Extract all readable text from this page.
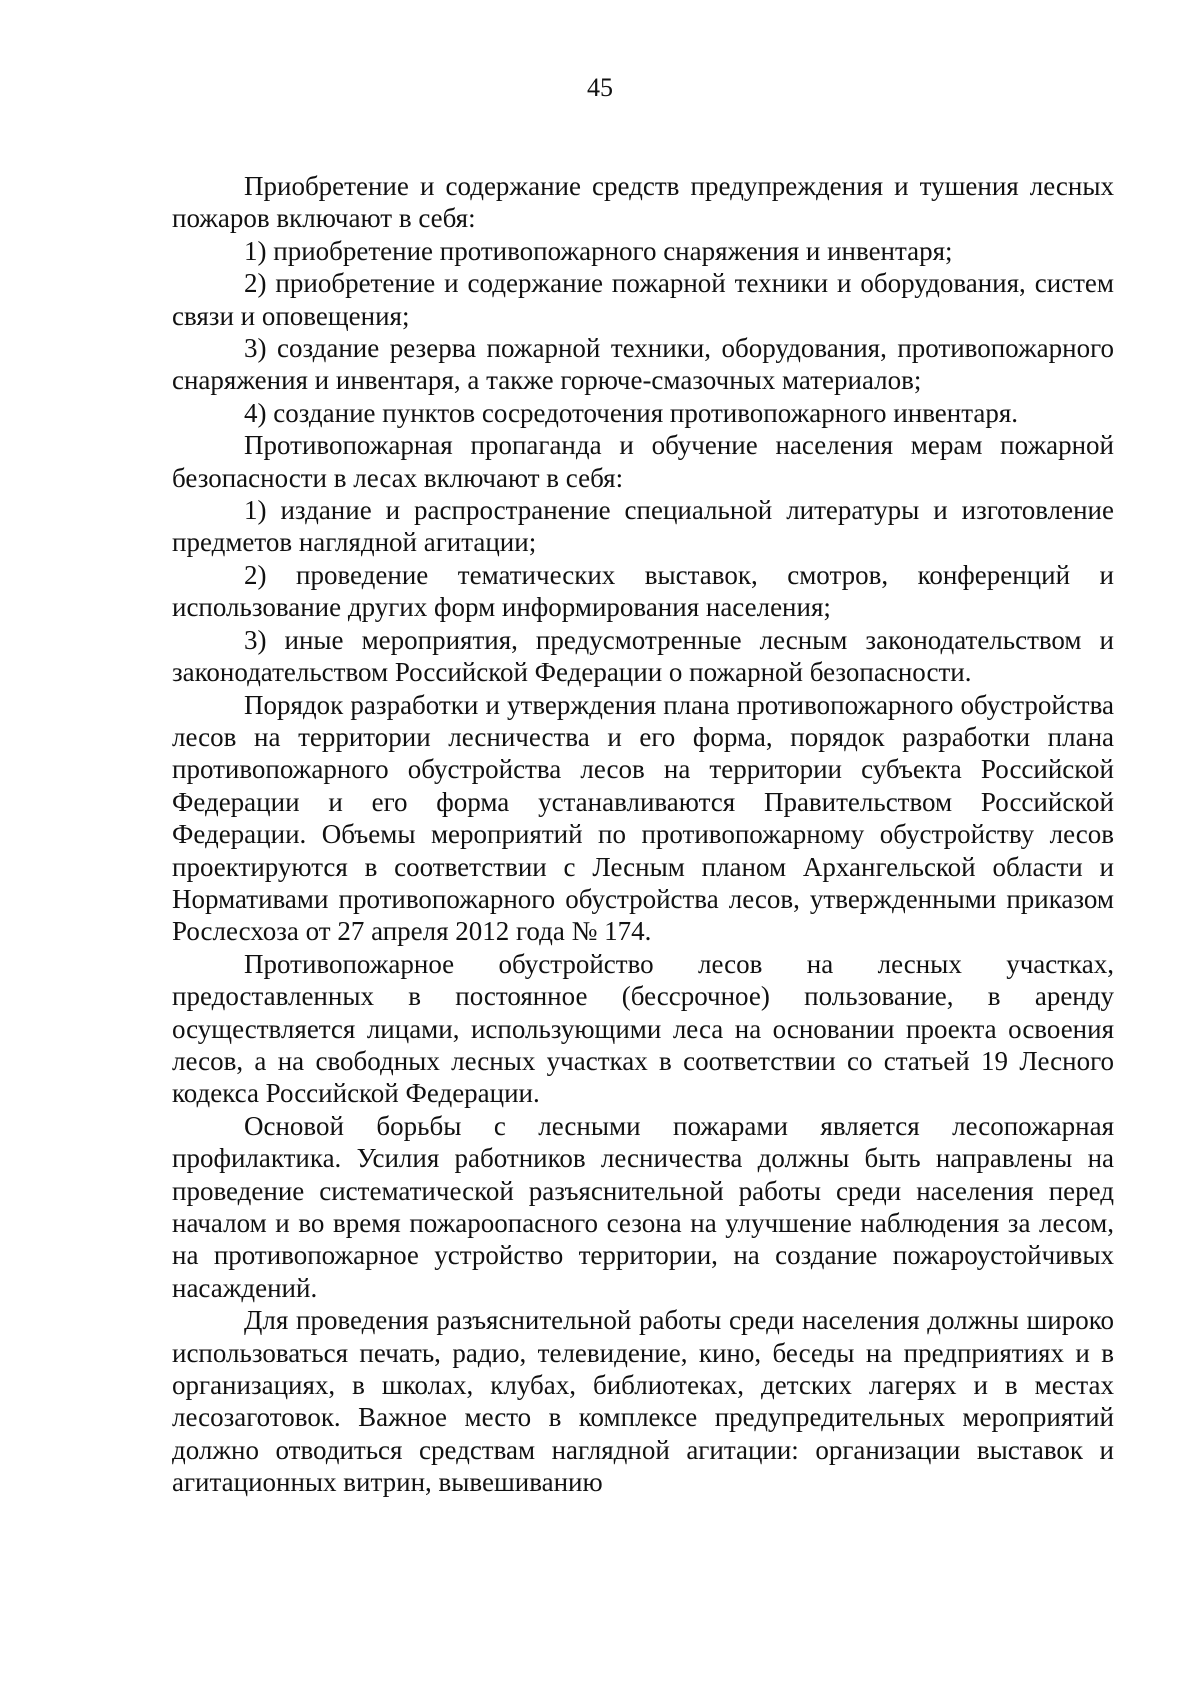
45

Приобретение и содержание средств предупреждения и тушения лесных пожаров включают в себя:

1) приобретение противопожарного снаряжения и инвентаря;

2) приобретение и содержание пожарной техники и оборудования, систем связи и оповещения;

3) создание резерва пожарной техники, оборудования, противопожарного снаряжения и инвентаря, а также горюче-смазочных материалов;

4) создание пунктов сосредоточения противопожарного инвентаря.

Противопожарная пропаганда и обучение населения мерам пожарной безопасности в лесах включают в себя:

1) издание и распространение специальной литературы и изготовление предметов наглядной агитации;

2) проведение тематических выставок, смотров, конференций и использование других форм информирования населения;

3) иные мероприятия, предусмотренные лесным законодательством и законодательством Российской Федерации о пожарной безопасности.

Порядок разработки и утверждения плана противопожарного обустройства лесов на территории лесничества и его форма, порядок разработки плана противопожарного обустройства лесов на территории субъекта Российской Федерации и его форма устанавливаются Правительством Российской Федерации. Объемы мероприятий по противопожарному обустройству лесов проектируются в соответствии с Лесным планом Архангельской области и Нормативами противопожарного обустройства лесов, утвержденными приказом Рослесхоза от 27 апреля 2012 года № 174.

Противопожарное обустройство лесов на лесных участках, предоставленных в постоянное (бессрочное) пользование, в аренду осуществляется лицами, использующими леса на основании проекта освоения лесов, а на свободных лесных участках в соответствии со статьей 19 Лесного кодекса Российской Федерации.

Основой борьбы с лесными пожарами является лесопожарная профилактика. Усилия работников лесничества должны быть направлены на проведение систематической разъяснительной работы среди населения перед началом и во время пожароопасного сезона на улучшение наблюдения за лесом, на противопожарное устройство территории, на создание пожароустойчивых насаждений.

Для проведения разъяснительной работы среди населения должны широко использоваться печать, радио, телевидение, кино, беседы на предприятиях и в организациях, в школах, клубах, библиотеках, детских лагерях и в местах лесозаготовок. Важное место в комплексе предупредительных мероприятий должно отводиться средствам наглядной агитации: организации выставок и агитационных витрин, вывешиванию
